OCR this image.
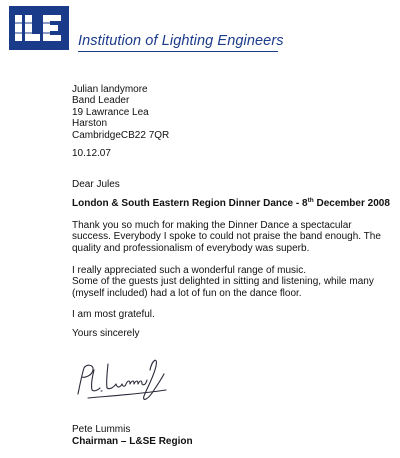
Institution of Lighting Engineers
Julian landymore
Band Leader
19 Lawrance Lea
Harston
CambridgeCB22 7QR
10.12.07
Dear Jules
London & South Eastern Region Dinner Dance - 8th December 2008
Thank you so much for making the Dinner Dance a spectacular success. Everybody I spoke to could not praise the band enough. The quality and professionalism of everybody was superb.
I really appreciated such a wonderful range of music.
Some of the guests just delighted in sitting and listening, while many (myself included) had a lot of fun on the dance floor.
I am most grateful.
Yours sincerely
Pete Lummis
Chairman – L&SE Region
